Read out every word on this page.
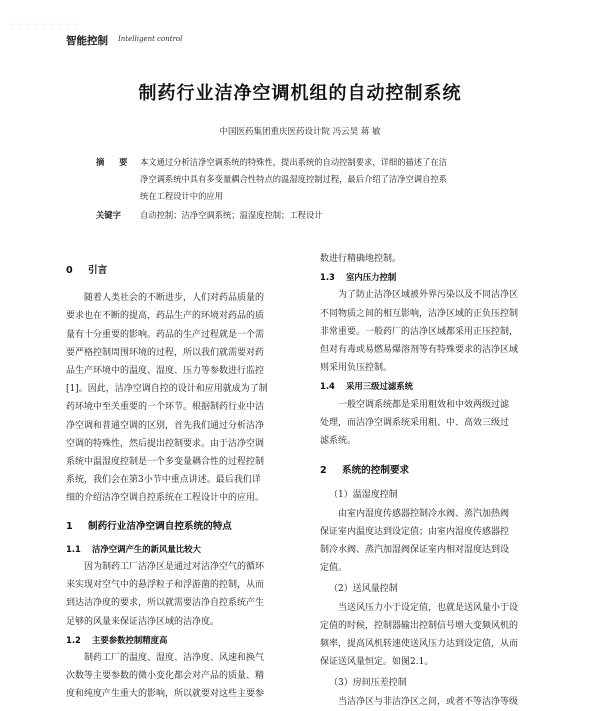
· · · · · · · · ·
智能控制 Intelligent control
制药行业洁净空调机组的自动控制系统
中国医药集团重庆医药设计院 冯云昊 蒋 敏
摘 要 本文通过分析洁净空调系统的特殊性，提出系统的自动控制要求，详细的描述了在洁
净空调系统中具有多变量耦合性特点的温湿度控制过程，最后介绍了洁净空调自控系
统在工程设计中的应用
关键字 自动控制；洁净空调系统；温湿度控制；工程设计
0 引言
随着人类社会的不断进步，人们对药品质量的
要求也在不断的提高，药品生产的环境对药品的质
量有十分重要的影响。药品的生产过程就是一个需
要严格控制周围环境的过程，所以我们就需要对药
品生产环境中的温度、湿度、压力等参数进行监控
[1]。因此，洁净空调自控的设计和应用就成为了制
药环境中至关重要的一个环节。根据制药行业中洁
净空调和普通空调的区别，首先我们通过分析洁净
空调的特殊性，然后提出控制要求。由于洁净空调
系统中温湿度控制是一个多变量耦合性的过程控制
系统，我们会在第3小节中重点讲述。最后我们详
细的介绍洁净空调自控系统在工程设计中的应用。
1 制药行业洁净空调自控系统的特点
1.1 洁净空调产生的新风量比较大
因为制药工厂洁净区是通过对洁净空气的循环
来实现对空气中的悬浮粒子和浮游菌的控制，从而
到达洁净度的要求，所以就需要洁净自控系统产生
足够的风量来保证洁净区域的洁净度。
1.2 主要参数控制精度高
制药工厂的温度、湿度、洁净度、风速和换气
次数等主要参数的微小变化都会对产品的质量、精
度和纯度产生重大的影响，所以就要对这些主要参
数进行精确地控制。
1.3 室内压力控制
为了防止洁净区域被外界污染以及不同洁净区
不同物质之间的相互影响，洁净区域的正负压控制
非常重要。一般药厂的洁净区域都采用正压控制，
但对有毒或易燃易爆溶剂等有特殊要求的洁净区域
则采用负压控制。
1.4 采用三级过滤系统
一般空调系统都是采用粗效和中效两级过滤
处理，而洁净空调系统采用粗、中、高效三级过
滤系统。
2 系统的控制要求
（1）温湿度控制
由室内湿度传感器控制冷水阀、蒸汽加热阀
保证室内温度达到设定值；由室内湿度传感器控
制冷水阀、蒸汽加湿阀保证室内相对湿度达到设
定值。
（2）送风量控制
当送风压力小于设定值，也就是送风量小于设
定值的时候，控制器输出控制信号增大变频风机的
频率，提高风机转速使送风压力达到设定值，从而
保证送风量恒定。如图2.1。
（3）房间压差控制
当洁净区与非洁净区之间，或者不等洁净等级
